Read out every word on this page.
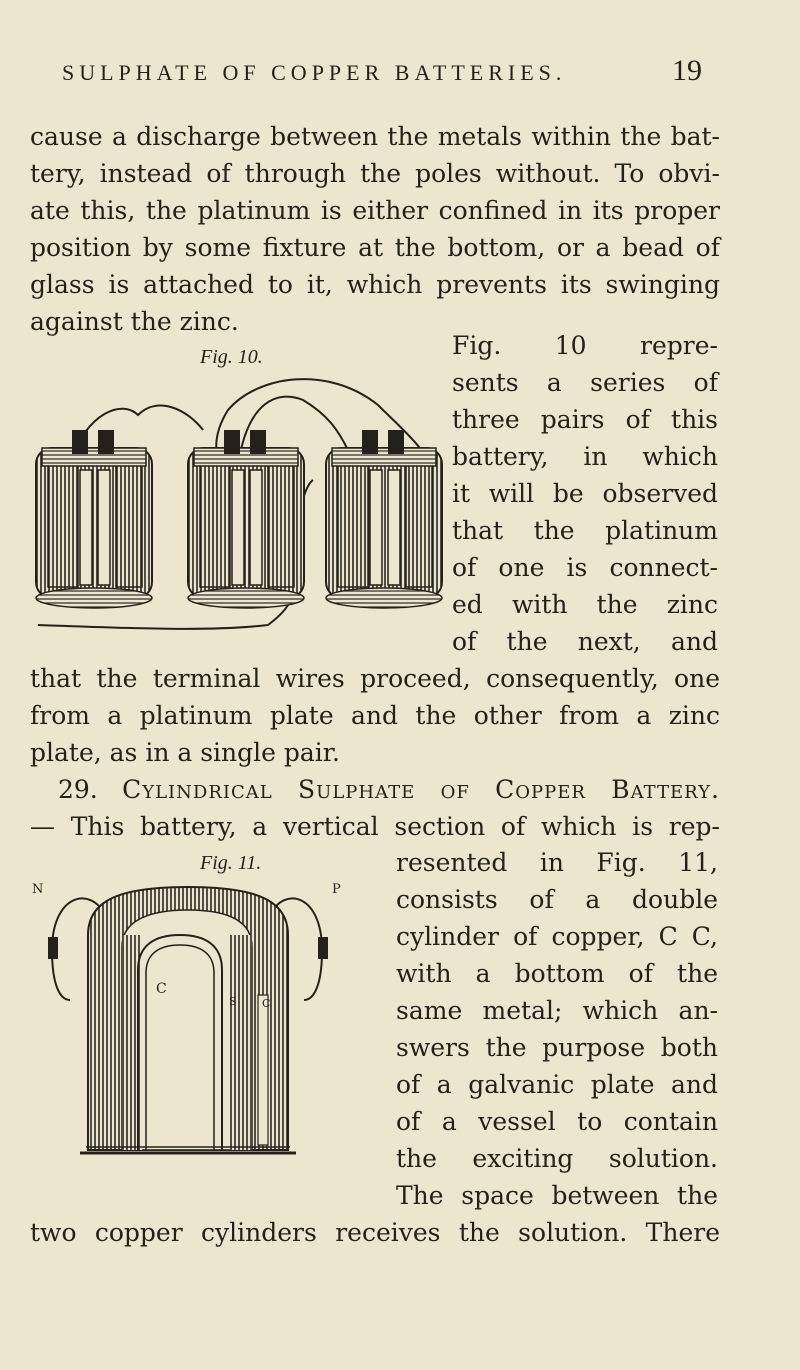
SULPHATE OF COPPER BATTERIES.	19
cause a discharge between the metals within the bat-
tery, instead of through the poles without. To obvi-
ate this, the platinum is either confined in its proper
position by some fixture at the bottom, or a bead of
glass is attached to it, which prevents its swinging
against the zinc.
Fig. 10.	Fig. 10 repre-
sents a series of
three pairs of this
battery, in which
it will be observed
that the platinum
of one is connect-
ed with the zinc
of the next, and
that the terminal wires proceed, consequently, one
from a platinum plate and the other from a zinc
plate, as in a single pair.
29. Cylindrical Sulphate of Copper Battery.
— This battery, a vertical section of which is rep-
Fig. 11.
N	P
C
S C
resented in Fig. 11,
consists of a double
cylinder of copper, C C,
with a bottom of the
same metal; which an-
swers the purpose both
of a galvanic plate and
of a vessel to contain
the exciting solution.
The space between the
two copper cylinders receives the solution. There
